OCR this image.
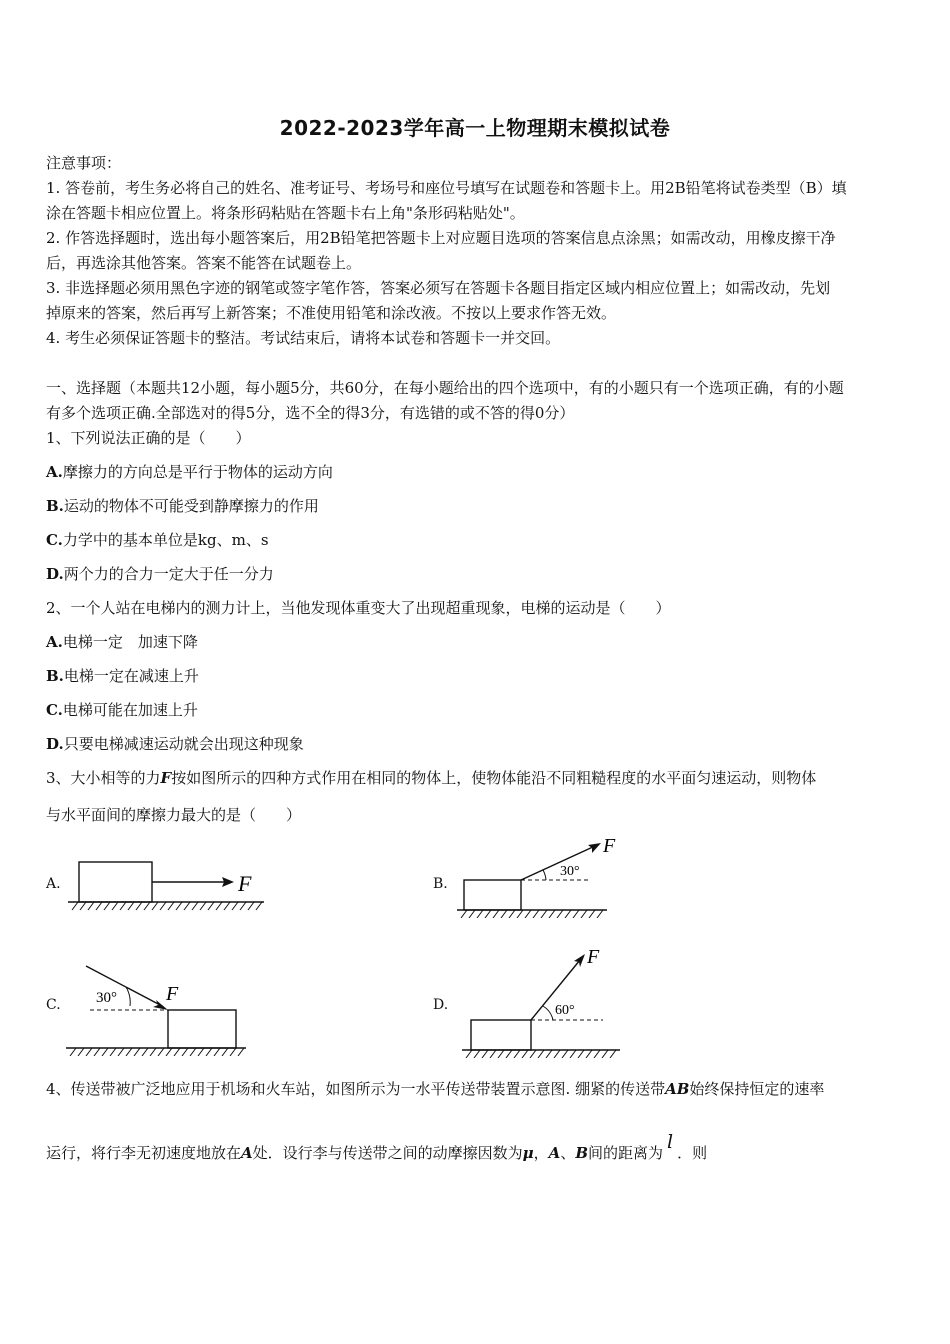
2022-2023学年高一上物理期末模拟试卷
注意事项：
1. 答卷前，考生务必将自己的姓名、准考证号、考场号和座位号填写在试题卷和答题卡上。用2B铅笔将试卷类型（B）填
涂在答题卡相应位置上。将条形码粘贴在答题卡右上角"条形码粘贴处"。
2. 作答选择题时，选出每小题答案后，用2B铅笔把答题卡上对应题目选项的答案信息点涂黑；如需改动，用橡皮擦干净
后，再选涂其他答案。答案不能答在试题卷上。
3. 非选择题必须用黑色字迹的钢笔或签字笔作答，答案必须写在答题卡各题目指定区域内相应位置上；如需改动，先划
掉原来的答案，然后再写上新答案；不准使用铅笔和涂改液。不按以上要求作答无效。
4. 考生必须保证答题卡的整洁。考试结束后，请将本试卷和答题卡一并交回。
一、选择题（本题共12小题，每小题5分，共60分，在每小题给出的四个选项中，有的小题只有一个选项正确，有的小题
有多个选项正确.全部选对的得5分，选不全的得3分，有选错的或不答的得0分）
1、下列说法正确的是（　　）
A.摩擦力的方向总是平行于物体的运动方向
B.运动的物体不可能受到静摩擦力的作用
C.力学中的基本单位是kg、m、s
D.两个力的合力一定大于任一分力
2、一个人站在电梯内的测力计上，当他发现体重变大了出现超重现象，电梯的运动是（　　）
A.电梯一定　加速下降
B.电梯一定在减速上升
C.电梯可能在加速上升
D.只要电梯减速运动就会出现这种现象
3、大小相等的力F按如图所示的四种方式作用在相同的物体上，使物体能沿不同粗糙程度的水平面匀速运动，则物体
与水平面间的摩擦力最大的是（　　）
A.	F	B.
30°
F
C. 30° F	D.	60°
F
4、传送带被广泛地应用于机场和火车站，如图所示为一水平传送带装置示意图. 绷紧的传送带AB始终保持恒定的速率
运行，将行李无初速度地放在A处．设行李与传送带之间的动摩擦因数为μ，A、B间的距离为 l ．则
